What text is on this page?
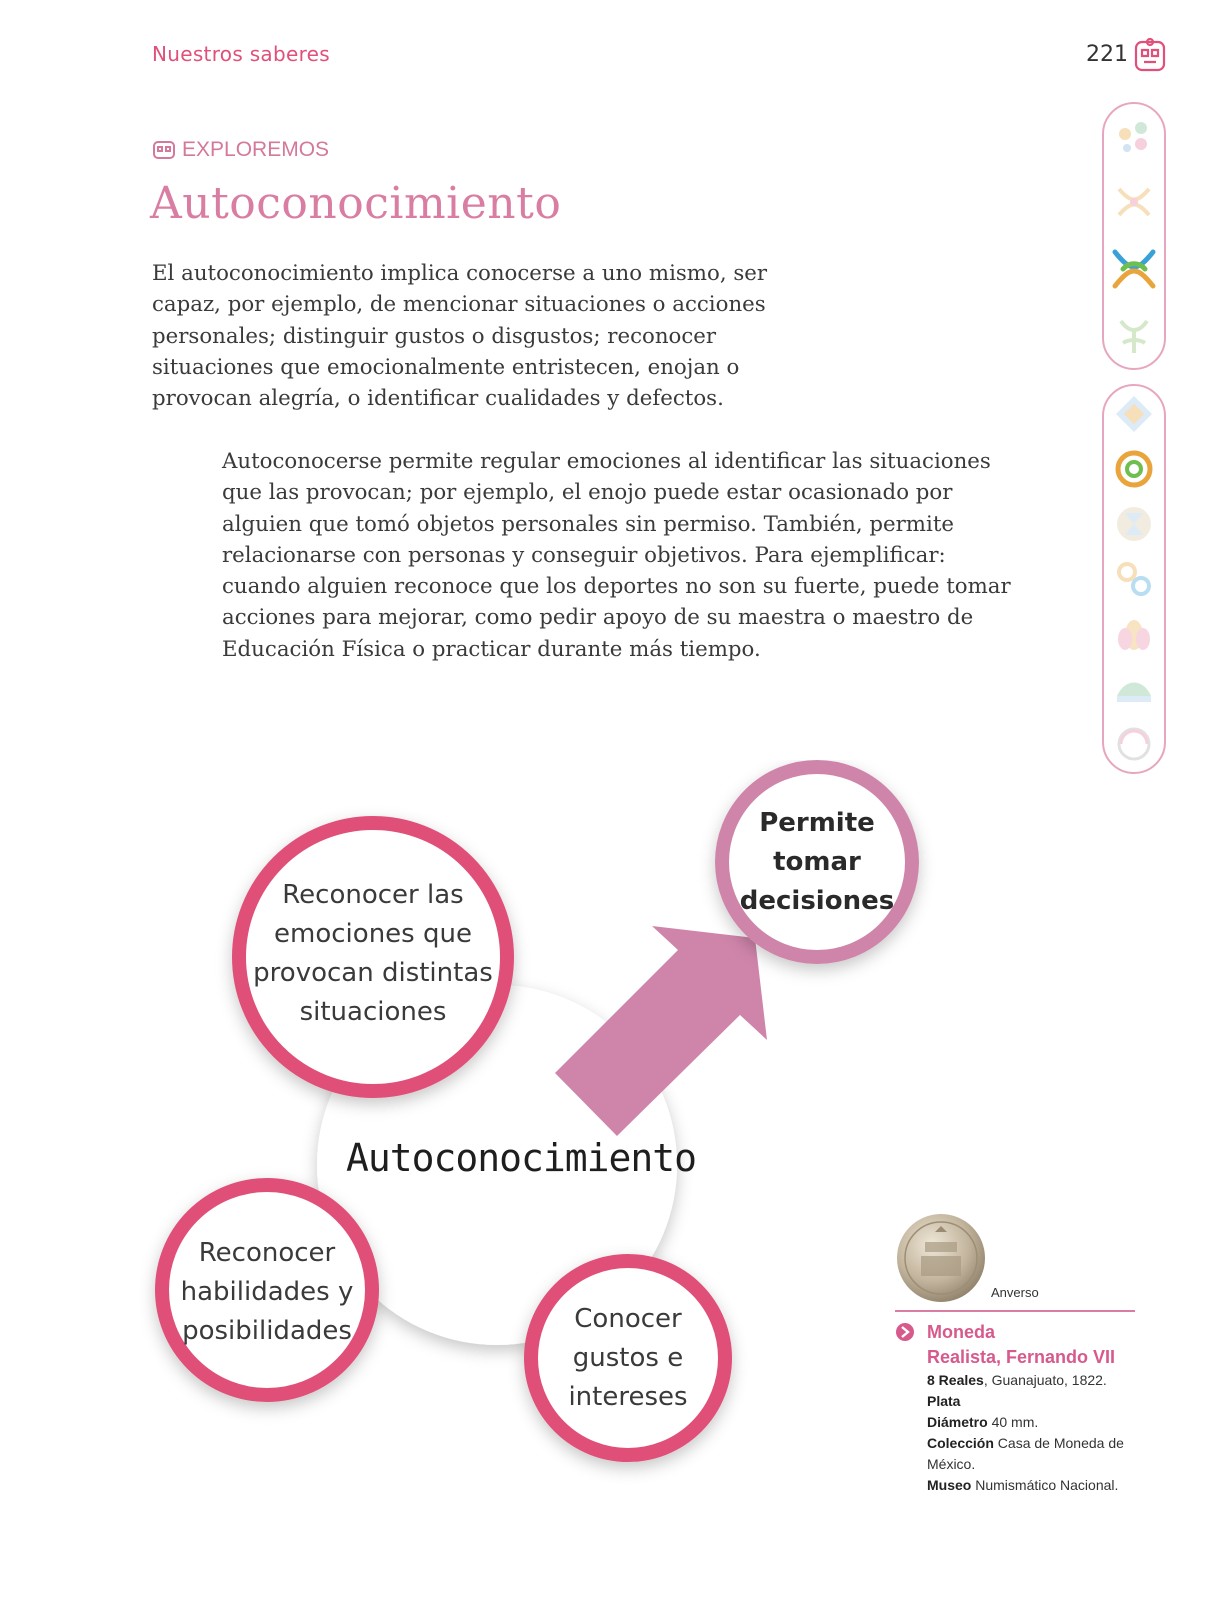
Nuestros saberes	221
EXPLOREMOS
Autoconocimiento

El autoconocimiento implica conocerse a uno mismo, ser capaz, por ejemplo, de mencionar situaciones o acciones personales; distinguir gustos o disgustos; reconocer situaciones que emocionalmente entristecen, enojan o provocan alegría, o identificar cualidades y defectos.

Autoconocerse permite regular emociones al identificar las situaciones que las provocan; por ejemplo, el enojo puede estar ocasionado por alguien que tomó objetos personales sin permiso. También, permite relacionarse con personas y conseguir objetivos. Para ejemplificar: cuando alguien reconoce que los deportes no son su fuerte, puede tomar acciones para mejorar, como pedir apoyo de su maestra o maestro de Educación Física o practicar durante más tiempo.

Reconocer las
emociones que
provocan distintas
situaciones
Permite
tomar
decisiones
Autoconocimiento
Reconocer
habilidades y
posibilidades	Conocer
gustos e
intereses
Anverso
Moneda
Realista, Fernando VII
8 Reales, Guanajuato, 1822.
Plata
Diámetro 40 mm.
Colección Casa de Moneda de México.
Museo Numismático Nacional.
